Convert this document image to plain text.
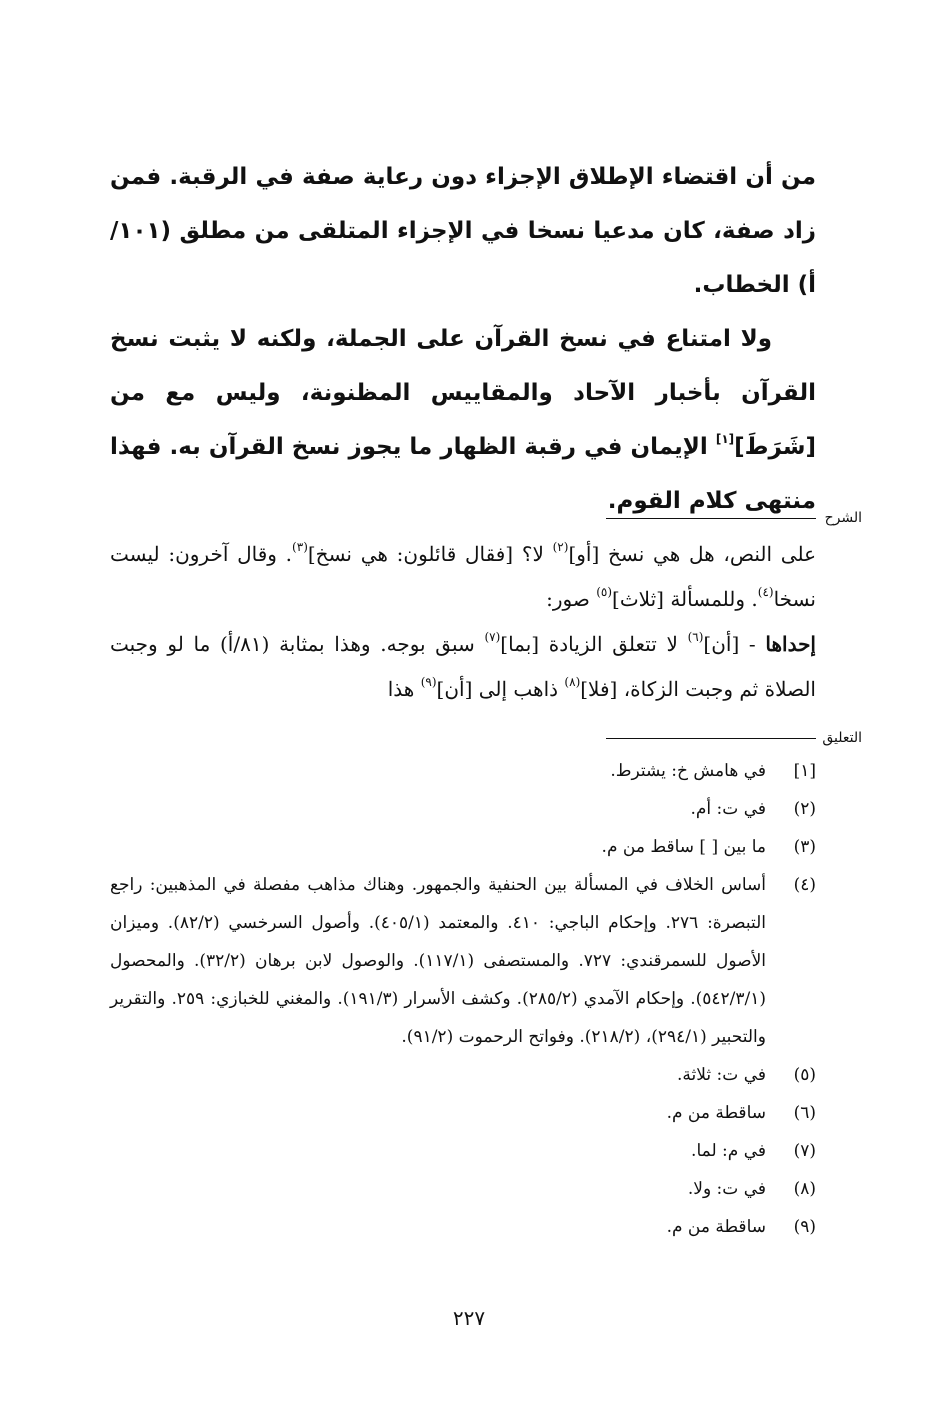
من أن اقتضاء الإطلاق الإجزاء دون رعاية صفة في الرقبة. فمن زاد صفة، كان مدعيا نسخا في الإجزاء المتلقى من مطلق (١٠١/أ) الخطاب.

ولا امتناع في نسخ القرآن على الجملة، ولكنه لا يثبت نسخ القرآن بأخبار الآحاد والمقاييس المظنونة، وليس مع من [شَرَطَ][١] الإيمان في رقبة الظهار ما يجوز نسخ القرآن به. فهذا منتهى كلام القوم.

الشرح

على النص، هل هي نسخ [أو]$^{(٢)}$ لا؟ [فقال قائلون: هي نسخ]$^{(٣)}$. وقال آخرون: ليست نسخا$^{(٤)}$. وللمسألة [ثلاث]$^{(٥)}$ صور:

إحداها - [أن]$^{(٦)}$ لا تتعلق الزيادة [بما]$^{(٧)}$ سبق بوجه. وهذا بمثابة (٨١/أ) ما لو وجبت الصلاة ثم وجبت الزكاة، [فلا]$^{(٨)}$ ذاهب إلى [أن]$^{(٩)}$ هذا

التعليق
[١]
في هامش خ: يشترط.
(٢)
في ت: أم.
(٣)
ما بين [ ] ساقط من م.
(٤)
أساس الخلاف في المسألة بين الحنفية والجمهور. وهناك مذاهب مفصلة في المذهبين: راجع التبصرة: ٢٧٦. وإحكام الباجي: ٤١٠. والمعتمد (٤٠٥/١). وأصول السرخسي (٨٢/٢). وميزان الأصول للسمرقندي: ٧٢٧. والمستصفى (١١٧/١). والوصول لابن برهان (٣٢/٢). والمحصول (٥٤٢/٣/١). وإحكام الآمدي (٢٨٥/٢). وكشف الأسرار (١٩١/٣). والمغني للخبازي: ٢٥٩. والتقرير والتحبير (٢٩٤/١)، (٢١٨/٢). وفواتح الرحموت (٩١/٢).
(٥)
في ت: ثلاثة.
(٦)
ساقطة من م.
(٧)
في م: لما.
(٨)
في ت: ولا.
(٩)
ساقطة من م.
٢٢٧
